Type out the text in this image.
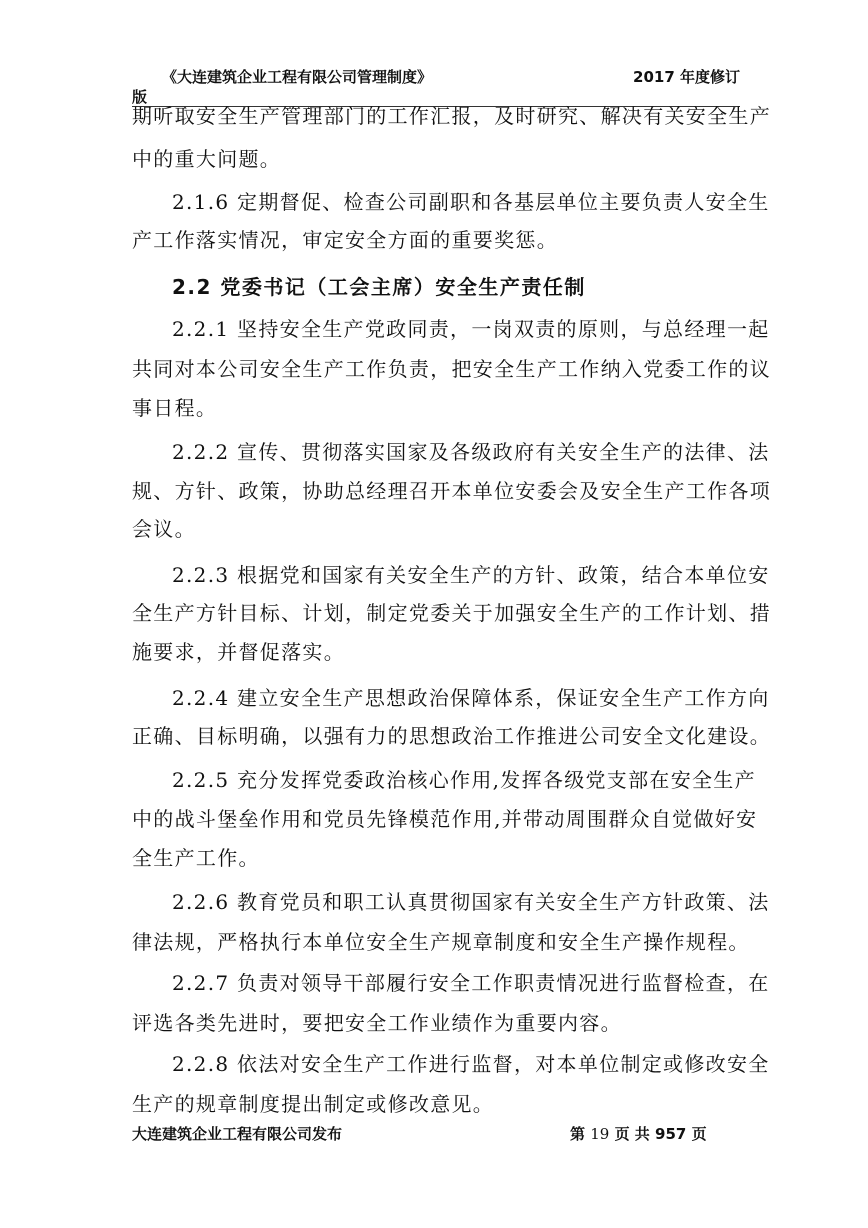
《大连建筑企业工程有限公司管理制度》	2017 年度修订
版
期听取安全生产管理部门的工作汇报，及时研究、解决有关安全生产
中的重大问题。
2.1.6 定期督促、检查公司副职和各基层单位主要负责人安全生
产工作落实情况，审定安全方面的重要奖惩。
2.2 党委书记（工会主席）安全生产责任制
2.2.1 坚持安全生产党政同责，一岗双责的原则，与总经理一起
共同对本公司安全生产工作负责，把安全生产工作纳入党委工作的议
事日程。
2.2.2 宣传、贯彻落实国家及各级政府有关安全生产的法律、法
规、方针、政策，协助总经理召开本单位安委会及安全生产工作各项
会议。
2.2.3 根据党和国家有关安全生产的方针、政策，结合本单位安
全生产方针目标、计划，制定党委关于加强安全生产的工作计划、措
施要求，并督促落实。
2.2.4 建立安全生产思想政治保障体系，保证安全生产工作方向
正确、目标明确，以强有力的思想政治工作推进公司安全文化建设。
2.2.5 充分发挥党委政治核心作用,发挥各级党支部在安全生产
中的战斗堡垒作用和党员先锋模范作用,并带动周围群众自觉做好安
全生产工作。
2.2.6 教育党员和职工认真贯彻国家有关安全生产方针政策、法
律法规，严格执行本单位安全生产规章制度和安全生产操作规程。
2.2.7 负责对领导干部履行安全工作职责情况进行监督检查，在
评选各类先进时，要把安全工作业绩作为重要内容。
2.2.8 依法对安全生产工作进行监督，对本单位制定或修改安全
生产的规章制度提出制定或修改意见。
大连建筑企业工程有限公司发布	第 19 页 共 957 页
